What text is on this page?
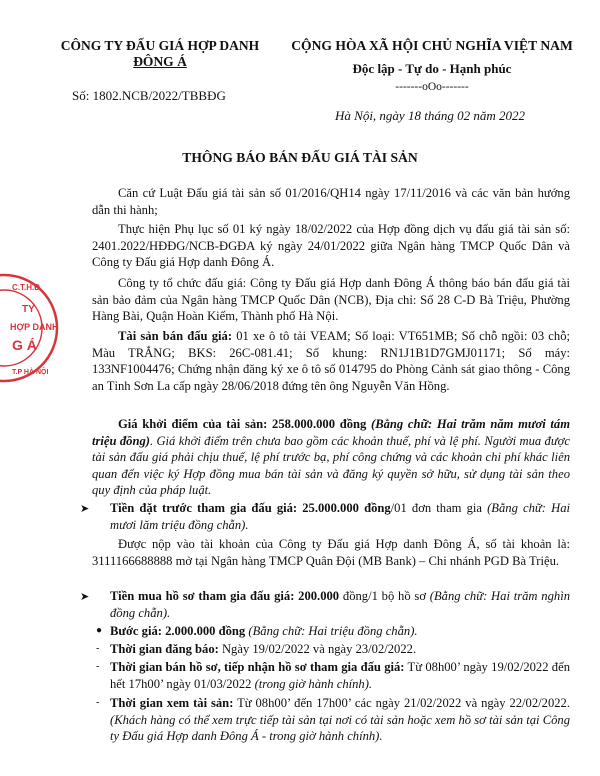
CÔNG TY ĐẤU GIÁ HỢP DANH
ĐÔNG Á
Số: 1802.NCB/2022/TBBĐG
CỘNG HÒA XÃ HỘI CHỦ NGHĨA VIỆT NAM
Độc lập - Tự do - Hạnh phúc
-------oOo-------
Hà Nội, ngày 18 tháng 02 năm 2022
THÔNG BÁO BÁN ĐẤU GIÁ TÀI SẢN
C.T.H.Đ
T.P HÀ NỘI
TY
HỢP DANH
G Á
Căn cứ Luật Đấu giá tài sản số 01/2016/QH14 ngày 17/11/2016 và các văn bản hướng dẫn thi hành;
Thực hiện Phụ lục số 01 ký ngày 18/02/2022 của Hợp đồng dịch vụ đấu giá tài sản số: 2401.2022/HĐĐG/NCB-ĐGĐA ký ngày 24/01/2022 giữa Ngân hàng TMCP Quốc Dân và Công ty Đấu giá Hợp danh Đông Á.
Công ty tổ chức đấu giá: Công ty Đấu giá Hợp danh Đông Á thông báo bán đấu giá tài sản bảo đảm của Ngân hàng TMCP Quốc Dân (NCB), Địa chỉ: Số 28 C-D Bà Triệu, Phường Hàng Bài, Quận Hoàn Kiếm, Thành phố Hà Nội.
Tài sản bán đấu giá: 01 xe ô tô tải VEAM; Số loại: VT651MB; Số chỗ ngồi: 03 chỗ; Màu TRẮNG; BKS: 26C-081.41; Số khung: RN1J1B1D7GMJ01171; Số máy: 133NF1004476; Chứng nhận đăng ký xe ô tô số 014795 do Phòng Cảnh sát giao thông - Công an Tỉnh Sơn La cấp ngày 28/06/2018 đứng tên ông Nguyễn Văn Hồng.
Giá khởi điểm của tài sản: 258.000.000 đồng (Bằng chữ: Hai trăm năm mươi tám triệu đồng). Giá khởi điểm trên chưa bao gồm các khoản thuế, phí và lệ phí. Người mua được tài sản đấu giá phải chịu thuế, lệ phí trước bạ, phí công chứng và các khoản chi phí khác liên quan đến việc ký Hợp đồng mua bán tài sản và đăng ký quyền sở hữu, sử dụng tài sản theo quy định của pháp luật.
➤ Tiền đặt trước tham gia đấu giá: 25.000.000 đồng/01 đơn tham gia (Bằng chữ: Hai mươi lăm triệu đồng chẵn).
Được nộp vào tài khoản của Công ty Đấu giá Hợp danh Đông Á, số tài khoản là: 3111166688888 mở tại Ngân hàng TMCP Quân Đội (MB Bank) – Chi nhánh PGD Bà Triệu.
➤ Tiền mua hồ sơ tham gia đấu giá: 200.000 đồng/1 bộ hồ sơ (Bằng chữ: Hai trăm nghìn đồng chẵn).
● Bước giá: 2.000.000 đồng (Bằng chữ: Hai triệu đồng chẵn).
- Thời gian đăng báo: Ngày 19/02/2022 và ngày 23/02/2022.
- Thời gian bán hồ sơ, tiếp nhận hồ sơ tham gia đấu giá: Từ 08h00’ ngày 19/02/2022 đến hết 17h00’ ngày 01/03/2022 (trong giờ hành chính).
- Thời gian xem tài sản: Từ 08h00’ đến 17h00’ các ngày 21/02/2022 và ngày 22/02/2022. (Khách hàng có thể xem trực tiếp tài sản tại nơi có tài sản hoặc xem hồ sơ tài sản tại Công ty Đấu giá Hợp danh Đông Á - trong giờ hành chính).
